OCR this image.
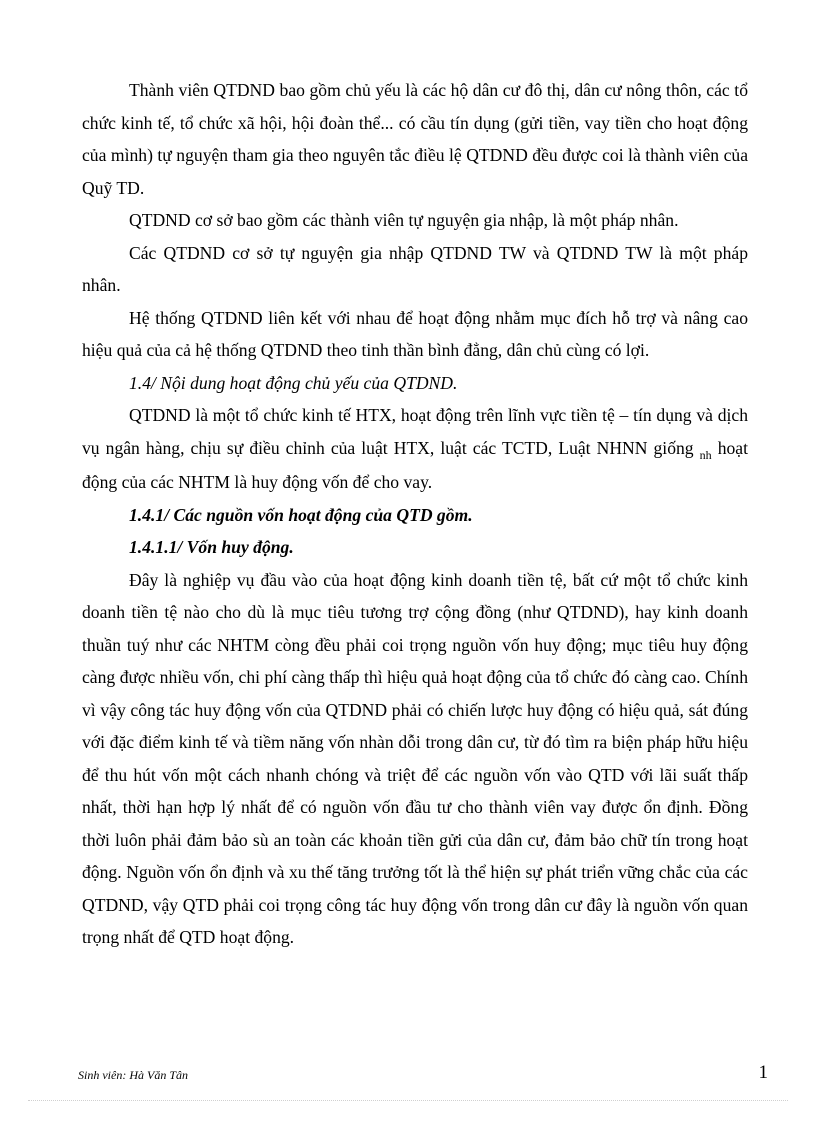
Thành viên QTDND bao gồm chủ yếu là các hộ dân cư đô thị, dân cư nông thôn, các tổ chức kinh tế, tổ chức xã hội, hội đoàn thể... có cầu tín dụng (gửi tiền, vay tiền cho hoạt động của mình) tự nguyện tham gia theo nguyên tắc điều lệ QTDND đều được coi là thành viên của Quỹ TD.

QTDND cơ sở bao gồm các thành viên tự nguyện gia nhập, là một pháp nhân.

Các QTDND cơ sở tự nguyện gia nhập QTDND TW và QTDND TW là một pháp nhân.

Hệ thống QTDND liên kết với nhau để hoạt động nhằm mục đích hỗ trợ và nâng cao hiệu quả của cả hệ thống QTDND theo tinh thần bình đẳng, dân chủ cùng có lợi.

1.4/ Nội dung hoạt động chủ yếu của QTDND.

QTDND là một tổ chức kinh tế HTX, hoạt động trên lĩnh vực tiền tệ – tín dụng và dịch vụ ngân hàng, chịu sự điều chỉnh của luật HTX, luật các TCTD, Luật NHNN giống $_{nh}$ hoạt động của các NHTM là huy động vốn để cho vay.

1.4.1/ Các nguồn vốn hoạt động của QTD gồm.

1.4.1.1/ Vốn huy động.

Đây là nghiệp vụ đầu vào của hoạt động kinh doanh tiền tệ, bất cứ một tổ chức kinh doanh tiền tệ nào cho dù là mục tiêu tương trợ cộng đồng (như QTDND), hay kinh doanh thuần tuý như các NHTM còng đều phải coi trọng nguồn vốn huy động; mục tiêu huy động càng được nhiều vốn, chi phí càng thấp thì hiệu quả hoạt động của tổ chức đó càng cao. Chính vì vậy công tác huy động vốn của QTDND phải có chiến lược huy động có hiệu quả, sát đúng với đặc điểm kinh tế và tiềm năng vốn nhàn dỗi trong dân cư, từ đó tìm ra biện pháp hữu hiệu để thu hút vốn một cách nhanh chóng và triệt để các nguồn vốn vào QTD với lãi suất thấp nhất, thời hạn hợp lý nhất để có nguồn vốn đầu tư cho thành viên vay được ổn định. Đồng thời luôn phải đảm bảo sù an toàn các khoản tiền gửi của dân cư, đảm bảo chữ tín trong hoạt động. Nguồn vốn ổn định và xu thế tăng trưởng tốt là thể hiện sự phát triển vững chắc của các QTDND, vậy QTD phải coi trọng công tác huy động vốn trong dân cư đây là nguồn vốn quan trọng nhất để QTD hoạt động.

Sinh viên: Hà Văn Tân	1
